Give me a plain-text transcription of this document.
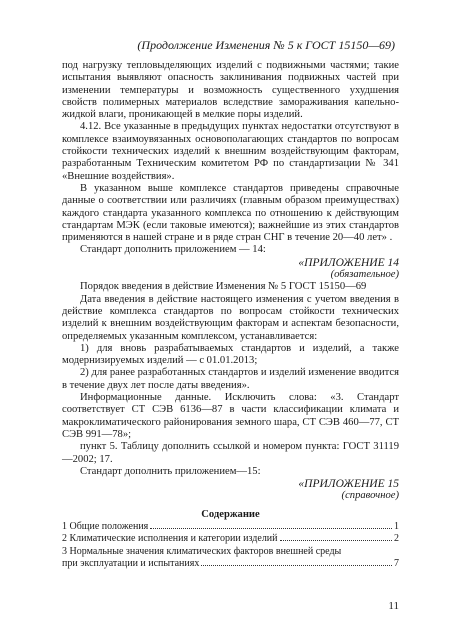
(Продолжение Изменения № 5 к ГОСТ 15150—69)

под нагрузку тепловыделяющих изделий с подвижными частями; такие испытания выявляют опасность заклинивания подвижных частей при изменении температуры и возможность существенного ухудшения свойств полимерных материалов вследствие замораживания капельно-жидкой влаги, проникающей в мелкие поры изделий.

4.12. Все указанные в предыдущих пунктах недостатки отсутствуют в комплексе взаимоувязанных основополагающих стандартов по вопросам стойкости технических изделий к внешним воздействующим факторам, разработанным Техническим комитетом РФ по стандартизации № 341 «Внешние воздействия».

В указанном выше комплексе стандартов приведены справочные данные о соответствии или различиях (главным образом преимуществах) каждого стандарта указанного комплекса по отношению к действующим стандартам МЭК (если таковые имеются); важнейшие из этих стандартов применяются в нашей стране и в ряде стран СНГ в течение 20—40 лет» .

Стандарт дополнить приложением — 14:

«ПРИЛОЖЕНИЕ 14

(обязательное)

Порядок введения в действие Изменения № 5 ГОСТ 15150—69

Дата введения в действие настоящего изменения с учетом введения в действие комплекса стандартов по вопросам стойкости технических изделий к внешним воздействующим факторам и аспектам безопасности, определяемых указанным комплексом, устанавливается:

1) для вновь разрабатываемых стандартов и изделий, а также модернизируемых изделий — с 01.01.2013;

2) для ранее разработанных стандартов и изделий изменение вводится в течение двух лет после даты введения».

Информационные данные. Исключить слова: «3. Стандарт соответствует СТ СЭВ 6136—87 в части классификации климата и макроклиматического районирования земного шара, СТ СЭВ 460—77, СТ СЭВ 991—78»;

пункт 5. Таблицу дополнить ссылкой и номером пункта: ГОСТ 31119—2002; 17.

Стандарт дополнить приложением—15:

«ПРИЛОЖЕНИЕ 15

(справочное)

Содержание

1 Общие положения	1
2 Климатические исполнения и категории изделий	2
3 Нормальные значения климатических факторов внешней среды
при эксплуатации и испытаниях	7
11
